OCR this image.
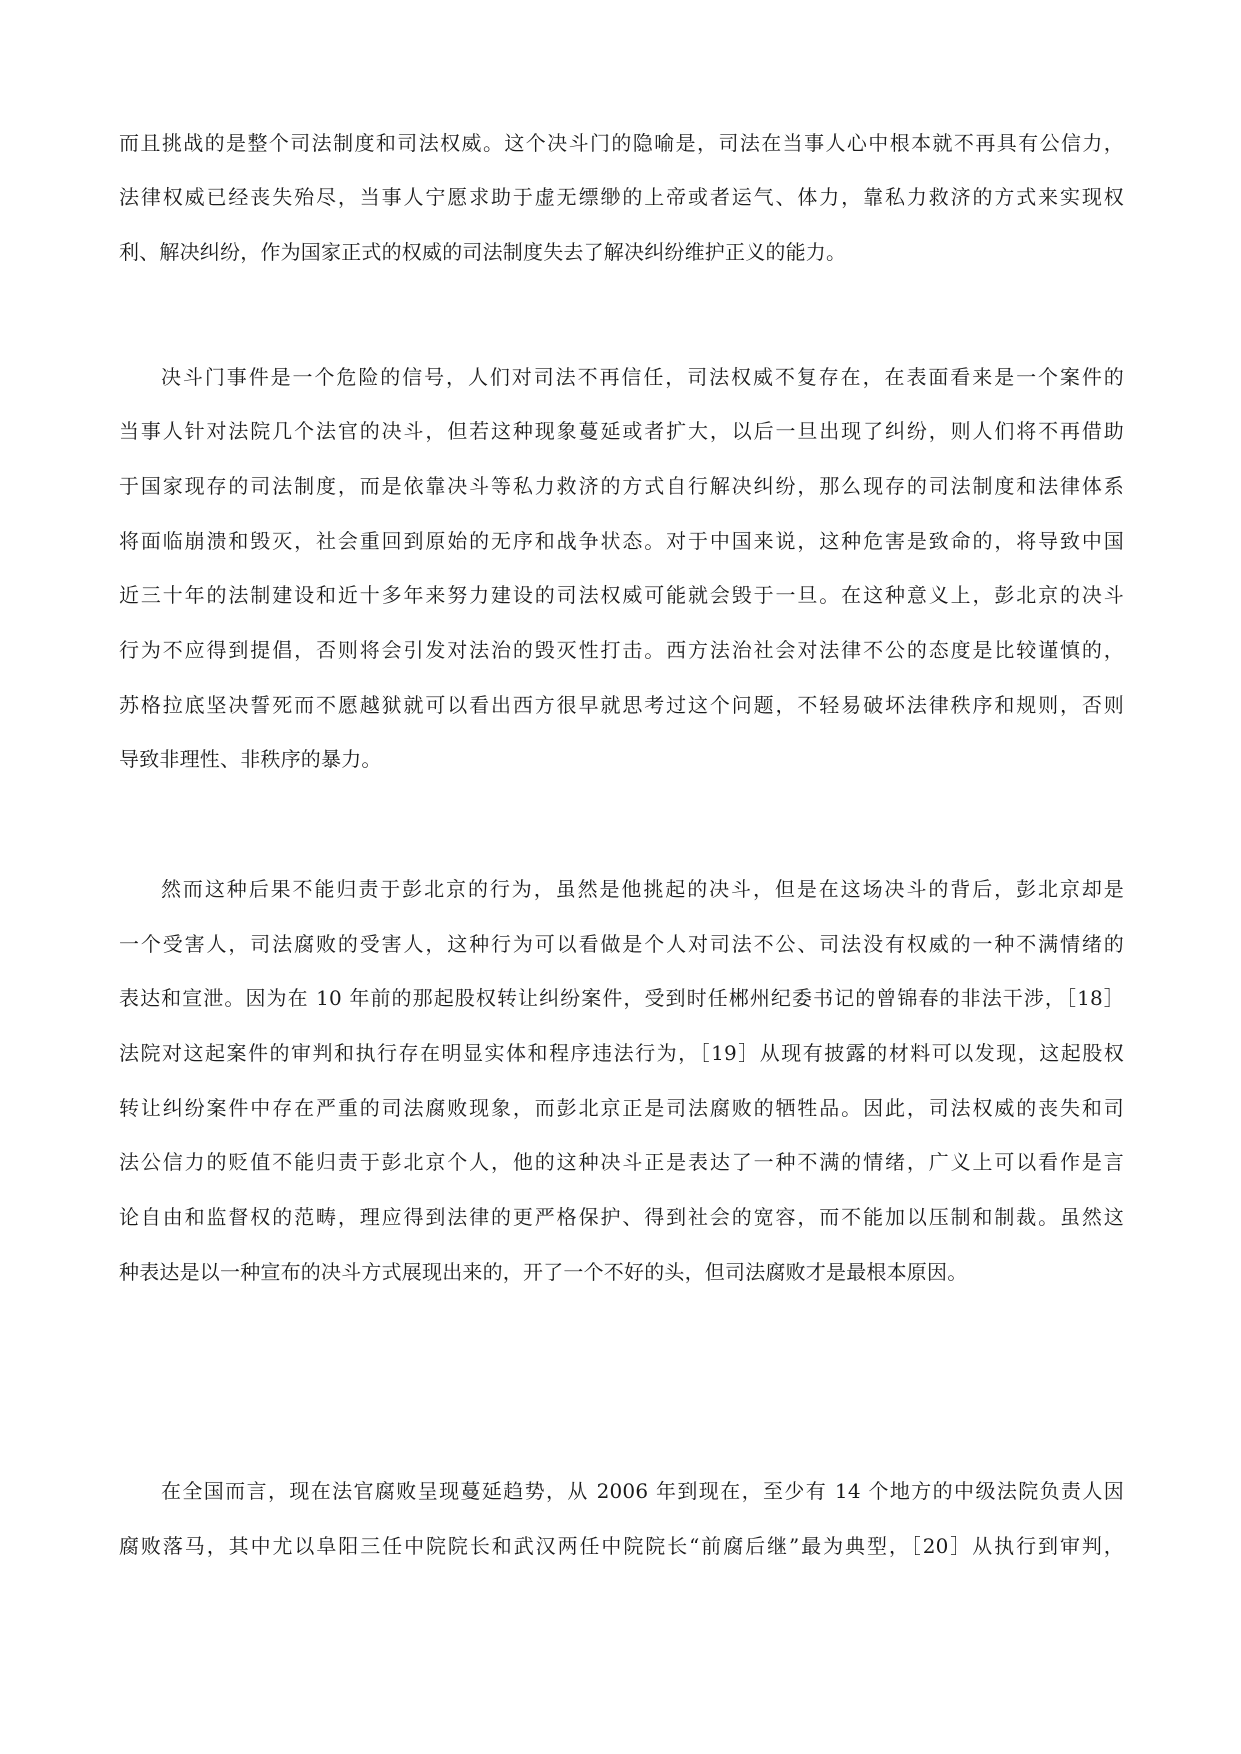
而且挑战的是整个司法制度和司法权威。这个决斗门的隐喻是，司法在当事人心中根本就不再具有公信力，
法律权威已经丧失殆尽，当事人宁愿求助于虚无缥缈的上帝或者运气、体力，靠私力救济的方式来实现权
利、解决纠纷，作为国家正式的权威的司法制度失去了解决纠纷维护正义的能力。
决斗门事件是一个危险的信号，人们对司法不再信任，司法权威不复存在，在表面看来是一个案件的
当事人针对法院几个法官的决斗，但若这种现象蔓延或者扩大，以后一旦出现了纠纷，则人们将不再借助
于国家现存的司法制度，而是依靠决斗等私力救济的方式自行解决纠纷，那么现存的司法制度和法律体系
将面临崩溃和毁灭，社会重回到原始的无序和战争状态。对于中国来说，这种危害是致命的，将导致中国
近三十年的法制建设和近十多年来努力建设的司法权威可能就会毁于一旦。在这种意义上，彭北京的决斗
行为不应得到提倡，否则将会引发对法治的毁灭性打击。西方法治社会对法律不公的态度是比较谨慎的，
苏格拉底坚决誓死而不愿越狱就可以看出西方很早就思考过这个问题，不轻易破坏法律秩序和规则，否则
导致非理性、非秩序的暴力。
然而这种后果不能归责于彭北京的行为，虽然是他挑起的决斗，但是在这场决斗的背后，彭北京却是
一个受害人，司法腐败的受害人，这种行为可以看做是个人对司法不公、司法没有权威的一种不满情绪的
表达和宣泄。因为在 10 年前的那起股权转让纠纷案件，受到时任郴州纪委书记的曾锦春的非法干涉，［18］
法院对这起案件的审判和执行存在明显实体和程序违法行为，［19］从现有披露的材料可以发现，这起股权
转让纠纷案件中存在严重的司法腐败现象，而彭北京正是司法腐败的牺牲品。因此，司法权威的丧失和司
法公信力的贬值不能归责于彭北京个人，他的这种决斗正是表达了一种不满的情绪，广义上可以看作是言
论自由和监督权的范畴，理应得到法律的更严格保护、得到社会的宽容，而不能加以压制和制裁。虽然这
种表达是以一种宣布的决斗方式展现出来的，开了一个不好的头，但司法腐败才是最根本原因。
在全国而言，现在法官腐败呈现蔓延趋势，从 2006 年到现在，至少有 14 个地方的中级法院负责人因
腐败落马，其中尤以阜阳三任中院院长和武汉两任中院院长“前腐后继”最为典型，［20］从执行到审判，
